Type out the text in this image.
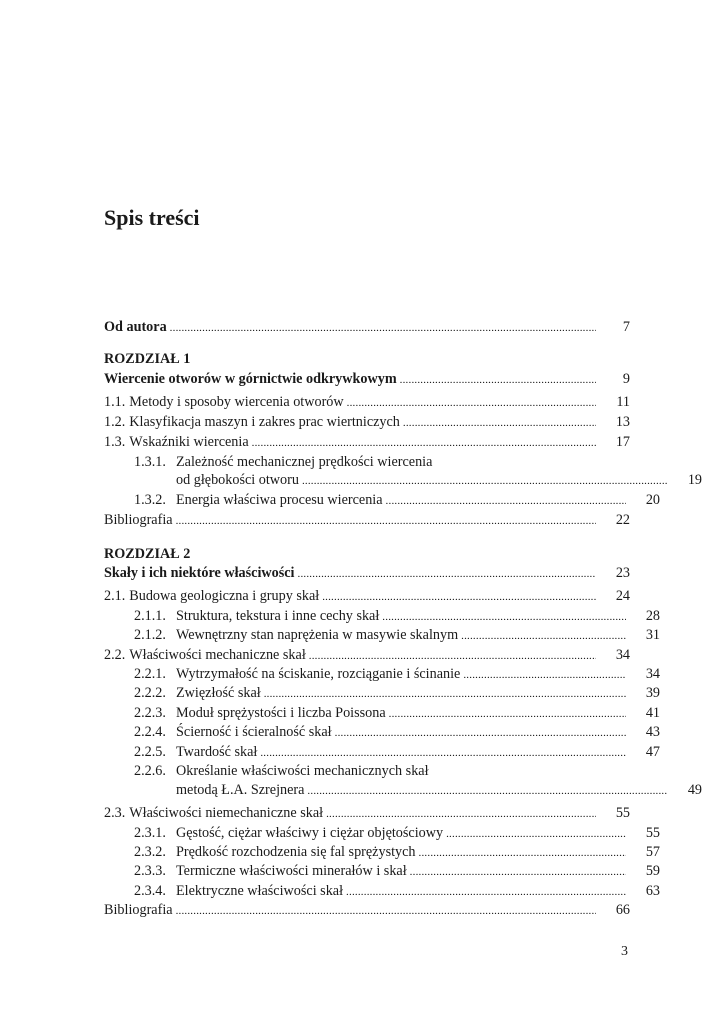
Spis treści
Od autora .....	7
ROZDZIAŁ 1
Wiercenie otworów w górnictwie odkrywkowym .....	9
1.1. Metody i sposoby wiercenia otworów .....	11
1.2. Klasyfikacja maszyn i zakres prac wiertniczych .....	13
1.3. Wskaźniki wiercenia .....	17
1.3.1. Zależność mechanicznej prędkości wiercenia
od głębokości otworu .....	19
1.3.2. Energia właściwa procesu wiercenia .....	20
Bibliografia .....	22
ROZDZIAŁ 2
Skały i ich niektóre właściwości .....	23
2.1. Budowa geologiczna i grupy skał .....	24
2.1.1. Struktura, tekstura i inne cechy skał .....	28
2.1.2. Wewnętrzny stan naprężenia w masywie skalnym .....	31
2.2. Właściwości mechaniczne skał .....	34
2.2.1. Wytrzymałość na ściskanie, rozciąganie i ścinanie .....	34
2.2.2. Zwięzłość skał .....	39
2.2.3. Moduł sprężystości i liczba Poissona .....	41
2.2.4. Ścierność i ścieralność skał .....	43
2.2.5. Twardość skał .....	47
2.2.6. Określanie właściwości mechanicznych skał
metodą Ł.A. Szrejnera .....	49
2.3. Właściwości niemechaniczne skał .....	55
2.3.1. Gęstość, ciężar właściwy i ciężar objętościowy .....	55
2.3.2. Prędkość rozchodzenia się fal sprężystych .....	57
2.3.3. Termiczne właściwości minerałów i skał .....	59
2.3.4. Elektryczne właściwości skał .....	63
Bibliografia .....	66
3
